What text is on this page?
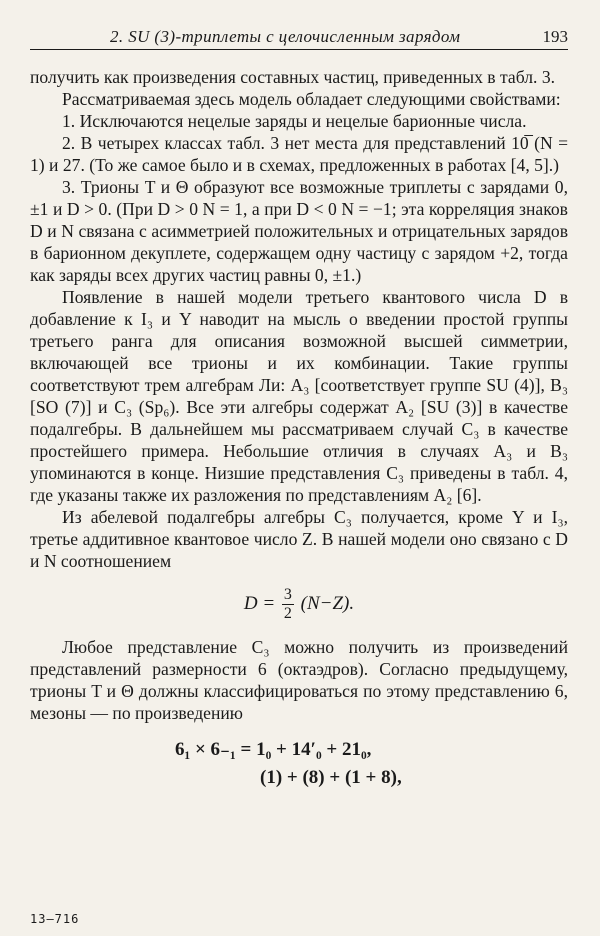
2. SU (3)-триплеты с целочисленным зарядом	193

получить как произведения составных частиц, приведенных в табл. 3.

Рассматриваемая здесь модель обладает следующими свойствами:

1. Исключаются нецелые заряды и нецелые барионные числа.

2. В четырех классах табл. 3 нет места для представлений 10̅ (N = 1) и 27. (То же самое было и в схемах, предложенных в работах [4, 5].)

3. Трионы T и Θ образуют все возможные триплеты с зарядами 0, ±1 и D > 0. (При D > 0 N = 1, а при D < 0 N = −1; эта корреляция знаков D и N связана с асимметрией положительных и отрицательных зарядов в барионном декуплете, содержащем одну частицу с зарядом +2, тогда как заряды всех других частиц равны 0, ±1.)

Появление в нашей модели третьего квантового числа D в добавление к I₃ и Y наводит на мысль о введении простой группы третьего ранга для описания возможной высшей симметрии, включающей все трионы и их комбинации. Такие группы соответствуют трем алгебрам Ли: A₃ [соответствует группе SU (4)], B₃ [SO (7)] и C₃ (Sp₆). Все эти алгебры содержат A₂ [SU (3)] в качестве подалгебры. В дальнейшем мы рассматриваем случай C₃ в качестве простейшего примера. Небольшие отличия в случаях A₃ и B₃ упоминаются в конце. Низшие представления C₃ приведены в табл. 4, где указаны также их разложения по представлениям A₂ [6].

Из абелевой подалгебры алгебры C₃ получается, кроме Y и I₃, третье аддитивное квантовое число Z. В нашей модели оно связано с D и N соотношением

$D = \frac{3}{2} (N-Z)$.

Любое представление C₃ можно получить из произведений представлений размерности 6 (октаэдров). Согласно предыдущему, трионы T и Θ должны классифицироваться по этому представлению 6, мезоны — по произведению

6₁ × 6₋₁ = 1₀ + 14′₀ + 21₀,
(1) + (8) + (1 + 8),
13—716
